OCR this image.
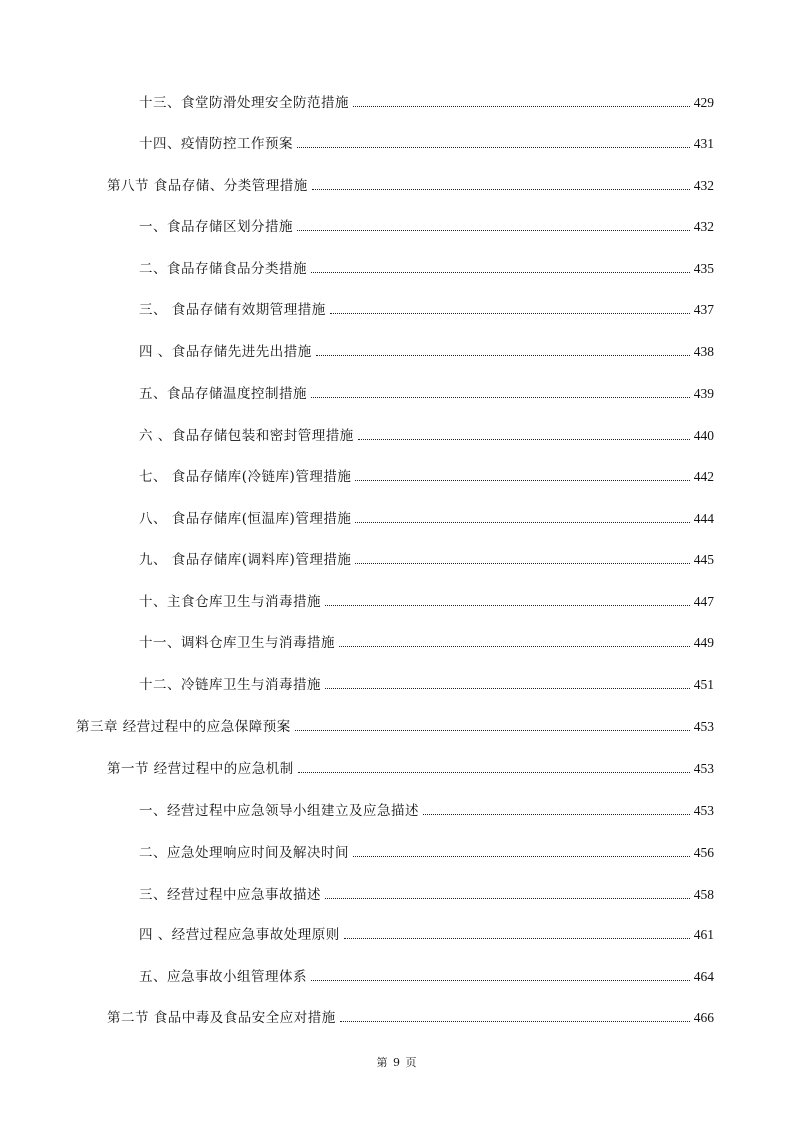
十三、食堂防滑处理安全防范措施	429
十四、疫情防控工作预案	431
第八节 食品存储、分类管理措施	432
一、食品存储区划分措施	432
二、食品存储食品分类措施	435
三、 食品存储有效期管理措施	437
四 、食品存储先进先出措施	438
五、食品存储温度控制措施	439
六 、食品存储包装和密封管理措施	440
七、 食品存储库(冷链库)管理措施	442
八、 食品存储库(恒温库)管理措施	444
九、 食品存储库(调料库)管理措施	445
十、主食仓库卫生与消毒措施	447
十一、调料仓库卫生与消毒措施	449
十二、冷链库卫生与消毒措施	451
第三章 经营过程中的应急保障预案	453
第一节 经营过程中的应急机制	453
一、经营过程中应急领导小组建立及应急描述	453
二、应急处理响应时间及解决时间	456
三、经营过程中应急事故描述	458
四 、经营过程应急事故处理原则	461
五、应急事故小组管理体系	464
第二节 食品中毒及食品安全应对措施	466
第 9 页
